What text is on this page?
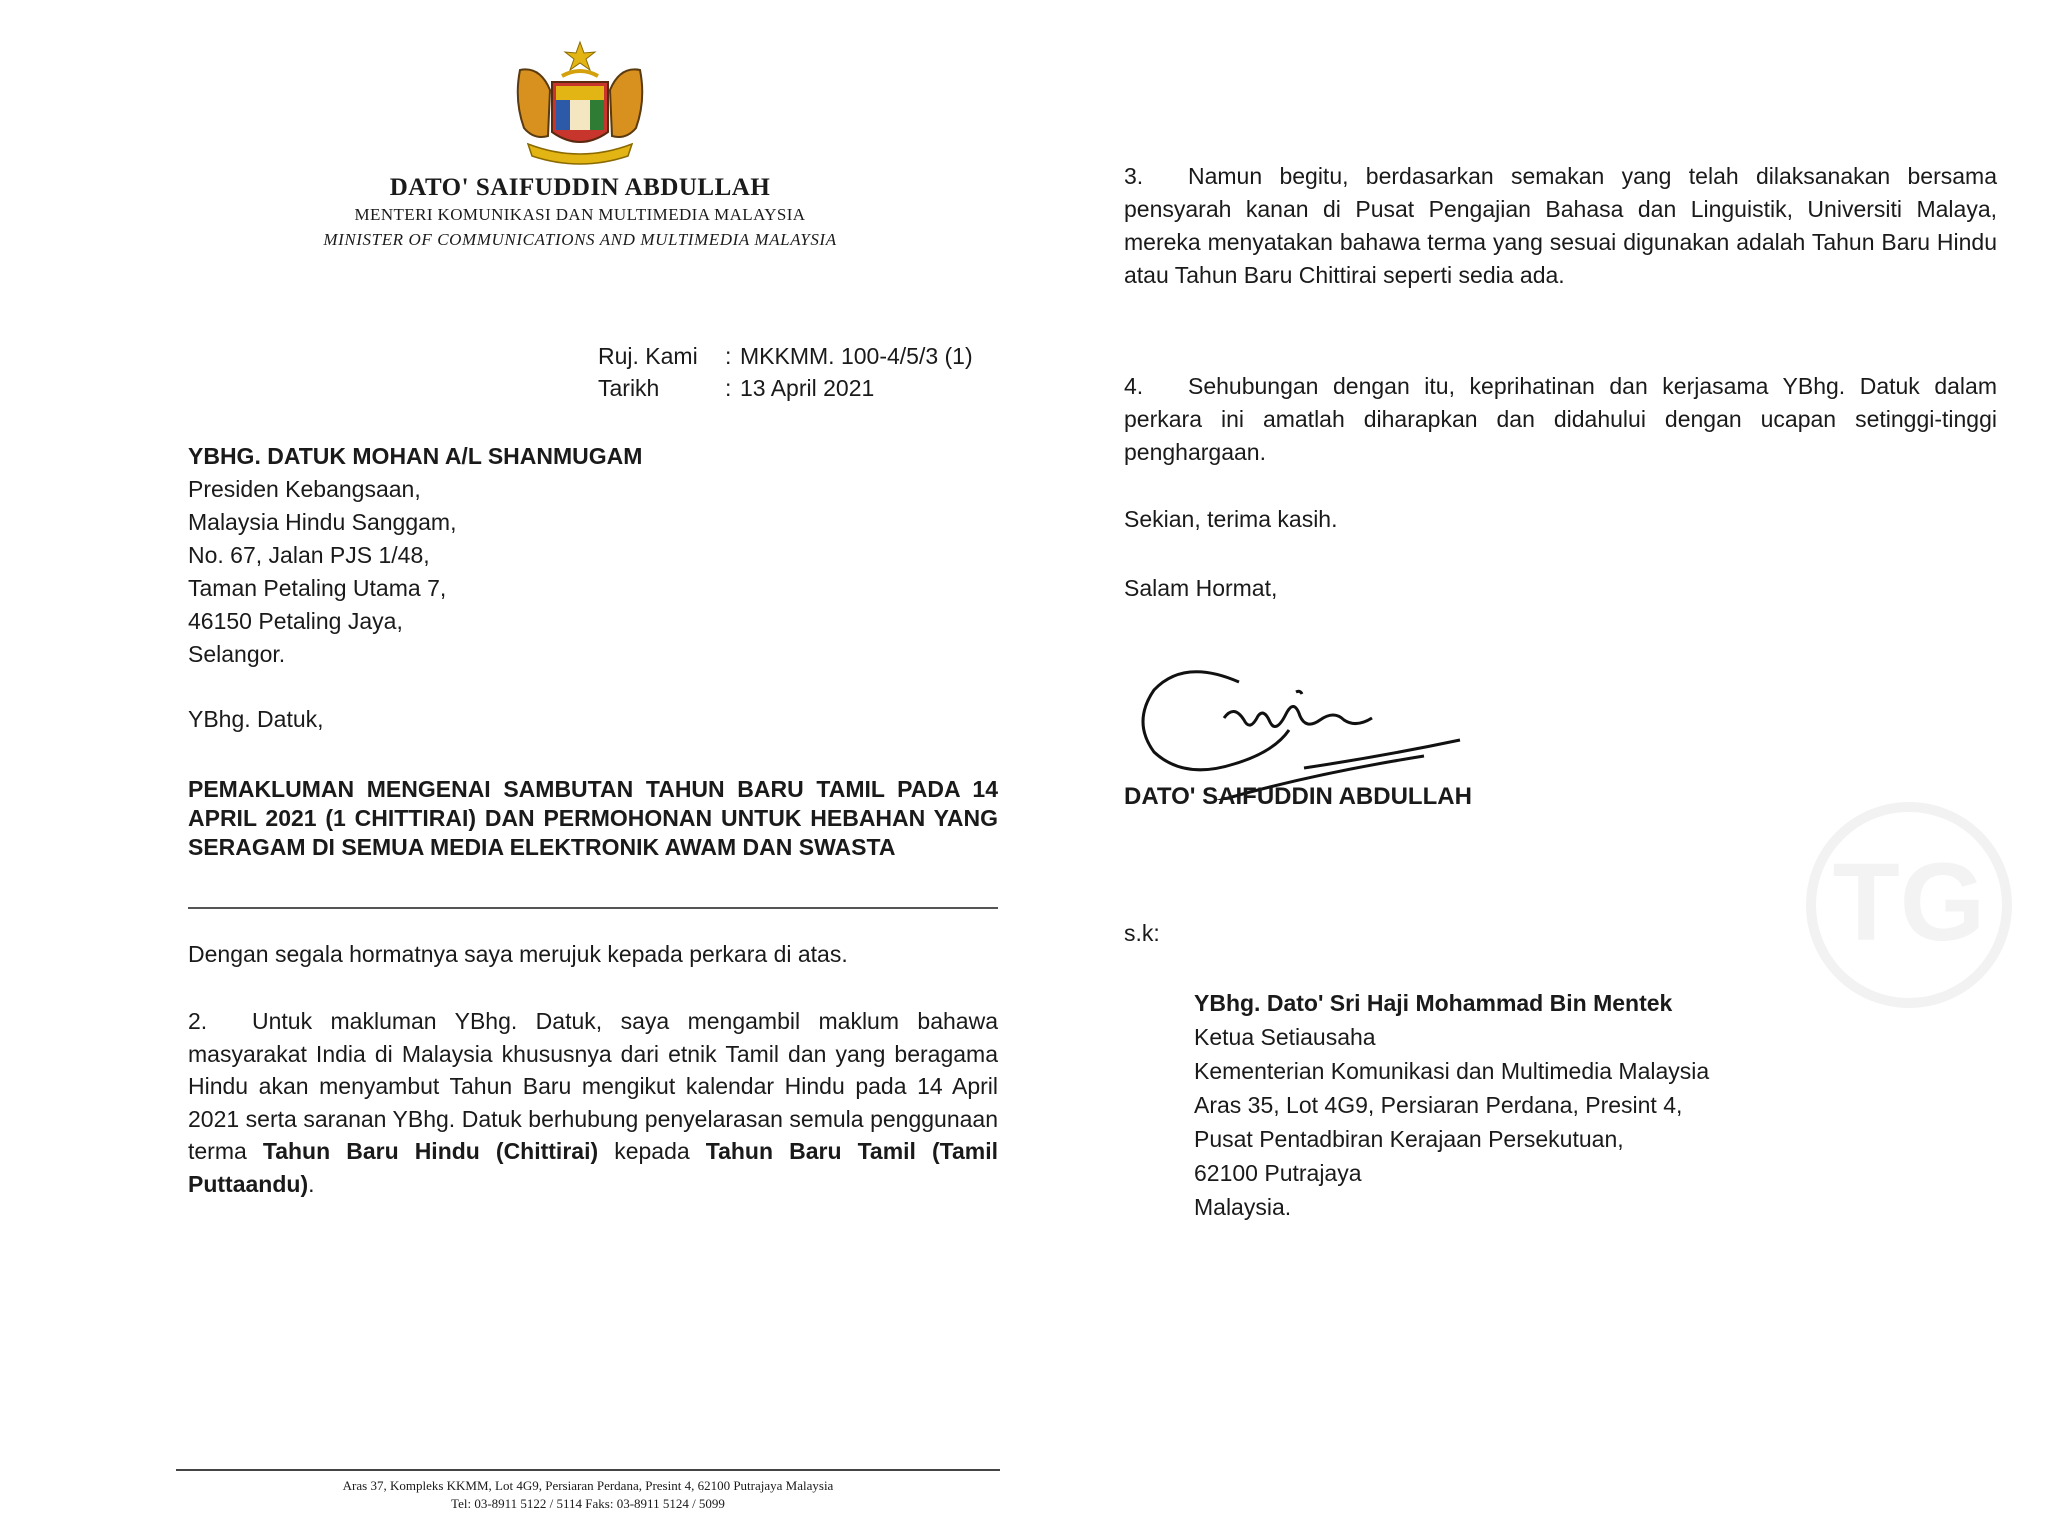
DATO' SAIFUDDIN ABDULLAH
MENTERI KOMUNIKASI DAN MULTIMEDIA MALAYSIA
MINISTER OF COMMUNICATIONS AND MULTIMEDIA MALAYSIA
Ruj. Kami : MKKMM. 100-4/5/3 (1)
Tarikh	: 13 April 2021
YBHG. DATUK MOHAN A/L SHANMUGAM
Presiden Kebangsaan,
Malaysia Hindu Sanggam,
No. 67, Jalan PJS 1/48,
Taman Petaling Utama 7,
46150 Petaling Jaya,
Selangor.
YBhg. Datuk,
PEMAKLUMAN MENGENAI SAMBUTAN TAHUN BARU TAMIL PADA 14 APRIL 2021 (1 CHITTIRAI) DAN PERMOHONAN UNTUK HEBAHAN YANG SERAGAM DI SEMUA MEDIA ELEKTRONIK AWAM DAN SWASTA
Dengan segala hormatnya saya merujuk kepada perkara di atas.
2. Untuk makluman YBhg. Datuk, saya mengambil maklum bahawa masyarakat India di Malaysia khususnya dari etnik Tamil dan yang beragama Hindu akan menyambut Tahun Baru mengikut kalendar Hindu pada 14 April 2021 serta saranan YBhg. Datuk berhubung penyelarasan semula penggunaan terma Tahun Baru Hindu (Chittirai) kepada Tahun Baru Tamil (Tamil Puttaandu).
Aras 37, Kompleks KKMM, Lot 4G9, Persiaran Perdana, Presint 4, 62100 Putrajaya Malaysia
Tel: 03-8911 5122 / 5114 Faks: 03-8911 5124 / 5099
3. Namun begitu, berdasarkan semakan yang telah dilaksanakan bersama pensyarah kanan di Pusat Pengajian Bahasa dan Linguistik, Universiti Malaya, mereka menyatakan bahawa terma yang sesuai digunakan adalah Tahun Baru Hindu atau Tahun Baru Chittirai seperti sedia ada.
4. Sehubungan dengan itu, keprihatinan dan kerjasama YBhg. Datuk dalam perkara ini amatlah diharapkan dan didahului dengan ucapan setinggi-tinggi penghargaan.
Sekian, terima kasih.
Salam Hormat,
DATO' SAIFUDDIN ABDULLAH
s.k:
YBhg. Dato' Sri Haji Mohammad Bin Mentek
Ketua Setiausaha
Kementerian Komunikasi dan Multimedia Malaysia
Aras 35, Lot 4G9, Persiaran Perdana, Presint 4,
Pusat Pentadbiran Kerajaan Persekutuan,
62100 Putrajaya
Malaysia.
TG
